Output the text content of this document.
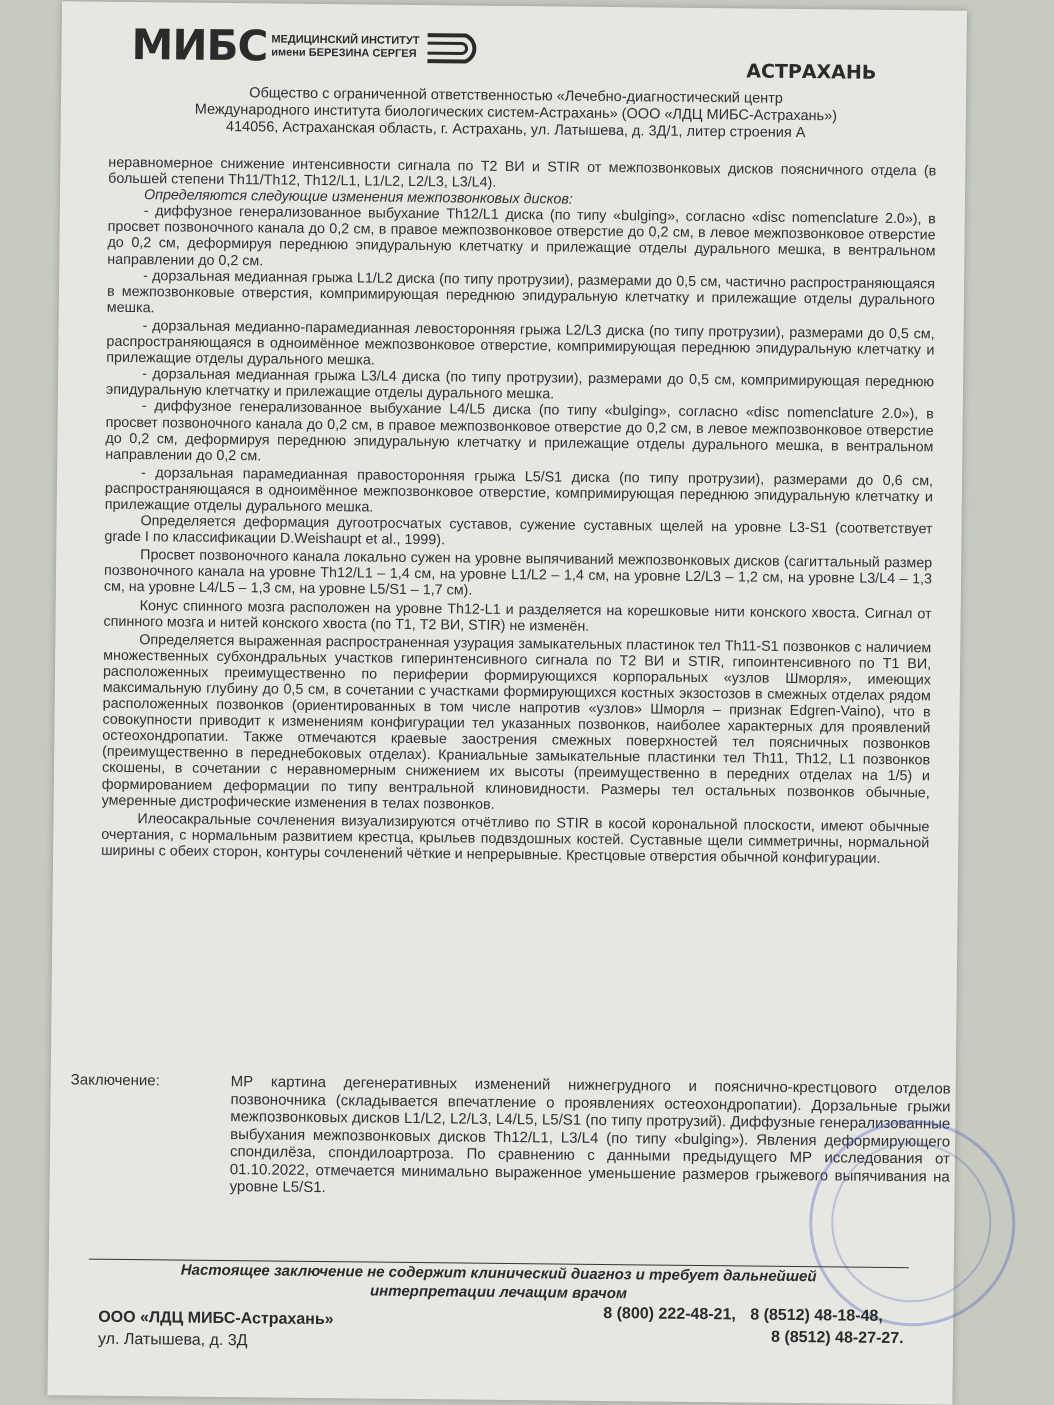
МИБС МЕДИЦИНСКИЙ ИНСТИТУТ
имени БЕРЕЗИНА СЕРГЕЯ
АСТРАХАНЬ
Общество с ограниченной ответственностью «Лечебно-диагностический центр
Международного института биологических систем-Астрахань» (ООО «ЛДЦ МИБС-Астрахань»)
414056, Астраханская область, г. Астрахань, ул. Латышева, д. 3Д/1, литер строения А

неравномерное снижение интенсивности сигнала по Т2 ВИ и STIR от межпозвонковых дисков поясничного отдела (в большей степени Th11/Th12, Th12/L1, L1/L2, L2/L3, L3/L4).

Определяются следующие изменения межпозвонковых дисков:

- диффузное генерализованное выбухание Th12/L1 диска (по типу «bulging», согласно «disc nomenclature 2.0»), в просвет позвоночного канала до 0,2 см, в правое межпозвонковое отверстие до 0,2 см, в левое межпозвонковое отверстие до 0,2 см, деформируя переднюю эпидуральную клетчатку и прилежащие отделы дурального мешка, в вентральном направлении до 0,2 см.

- дорзальная медианная грыжа L1/L2 диска (по типу протрузии), размерами до 0,5 см, частично распространяющаяся в межпозвонковые отверстия, компримирующая переднюю эпидуральную клетчатку и прилежащие отделы дурального мешка.

- дорзальная медианно-парамедианная левосторонняя грыжа L2/L3 диска (по типу протрузии), размерами до 0,5 см, распространяющаяся в одноимённое межпозвонковое отверстие, компримирующая переднюю эпидуральную клетчатку и прилежащие отделы дурального мешка.

- дорзальная медианная грыжа L3/L4 диска (по типу протрузии), размерами до 0,5 см, компримирующая переднюю эпидуральную клетчатку и прилежащие отделы дурального мешка.

- диффузное генерализованное выбухание L4/L5 диска (по типу «bulging», согласно «disc nomenclature 2.0»), в просвет позвоночного канала до 0,2 см, в правое межпозвонковое отверстие до 0,2 см, в левое межпозвонковое отверстие до 0,2 см, деформируя переднюю эпидуральную клетчатку и прилежащие отделы дурального мешка, в вентральном направлении до 0,2 см.

- дорзальная парамедианная правосторонняя грыжа L5/S1 диска (по типу протрузии), размерами до 0,6 см, распространяющаяся в одноимённое межпозвонковое отверстие, компримирующая переднюю эпидуральную клетчатку и прилежащие отделы дурального мешка.

Определяется деформация дугоотросчатых суставов, сужение суставных щелей на уровне L3-S1 (соответствует grade I по классификации D.Weishaupt et al., 1999).

Просвет позвоночного канала локально сужен на уровне выпячиваний межпозвонковых дисков (сагиттальный размер позвоночного канала на уровне Th12/L1 – 1,4 см, на уровне L1/L2 – 1,4 см, на уровне L2/L3 – 1,2 см, на уровне L3/L4 – 1,3 см, на уровне L4/L5 – 1,3 см, на уровне L5/S1 – 1,7 см).

Конус спинного мозга расположен на уровне Th12-L1 и разделяется на корешковые нити конского хвоста. Сигнал от спинного мозга и нитей конского хвоста (по Т1, Т2 ВИ, STIR) не изменён.

Определяется выраженная распространенная узурация замыкательных пластинок тел Th11-S1 позвонков с наличием множественных субхондральных участков гиперинтенсивного сигнала по Т2 ВИ и STIR, гипоинтенсивного по Т1 ВИ, расположенных преимущественно по периферии формирующихся корпоральных «узлов Шморля», имеющих максимальную глубину до 0,5 см, в сочетании с участками формирующихся костных экзостозов в смежных отделах рядом расположенных позвонков (ориентированных в том числе напротив «узлов» Шморля – признак Edgren-Vaino), что в совокупности приводит к изменениям конфигурации тел указанных позвонков, наиболее характерных для проявлений остеохондропатии. Также отмечаются краевые заострения смежных поверхностей тел поясничных позвонков (преимущественно в переднебоковых отделах). Краниальные замыкательные пластинки тел Th11, Th12, L1 позвонков скошены, в сочетании с неравномерным снижением их высоты (преимущественно в передних отделах на 1/5) и формированием деформации по типу вентральной клиновидности. Размеры тел остальных позвонков обычные, умеренные дистрофические изменения в телах позвонков.

Илеосакральные сочленения визуализируются отчётливо по STIR в косой корональной плоскости, имеют обычные очертания, с нормальным развитием крестца, крыльев подвздошных костей. Суставные щели симметричны, нормальной ширины с обеих сторон, контуры сочленений чёткие и непрерывные. Крестцовые отверстия обычной конфигурации.

Заключение:	МР картина дегенеративных изменений нижнегрудного и пояснично-крестцового отделов позвоночника (складывается впечатление о проявлениях остеохондропатии). Дорзальные грыжи межпозвонковых дисков L1/L2, L2/L3, L4/L5, L5/S1 (по типу протрузий). Диффузные генерализованные выбухания межпозвонковых дисков Th12/L1, L3/L4 (по типу «bulging»). Явления деформирующего спондилёза, спондилоартроза. По сравнению с данными предыдущего МР исследования от 01.10.2022, отмечается минимально выраженное уменьшение размеров грыжевого выпячивания на уровне L5/S1.
Настоящее заключение не содержит клинический диагноз и требует дальнейшей
интерпретации лечащим врачом
ООО «ЛДЦ МИБС-Астрахань»
ул. Латышева, д. 3Д
8 (800) 222-48-21, 8 (8512) 48-18-48,
8 (8512) 48-27-27.
